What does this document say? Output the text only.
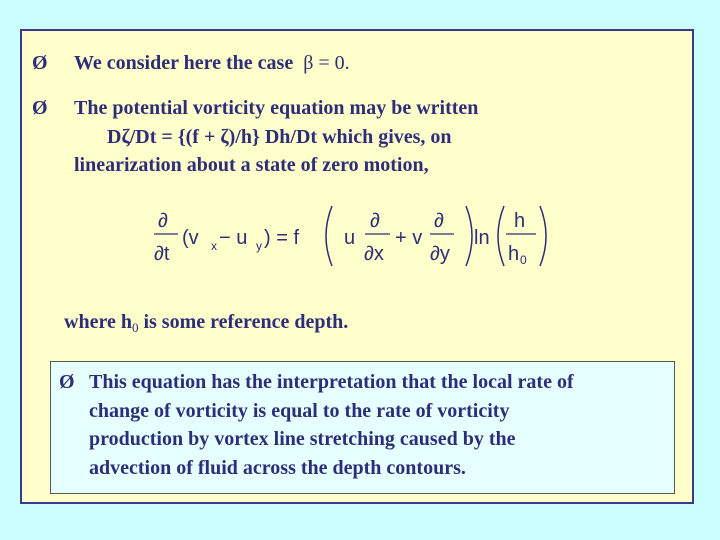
Ø We consider here the case β = 0.
Ø The potential vorticity equation may be written
Dζ/Dt = {(f + ζ)/h} Dh/Dt which gives, on
linearization about a state of zero motion,
∂
∂t
(v x − u y ) = f u
∂
∂x
+ v
∂
∂y
ln
h
h 0
where $h_0$ is some reference depth.
Ø This equation has the interpretation that the local rate of
change of vorticity is equal to the rate of vorticity
production by vortex line stretching caused by the
advection of fluid across the depth contours.
